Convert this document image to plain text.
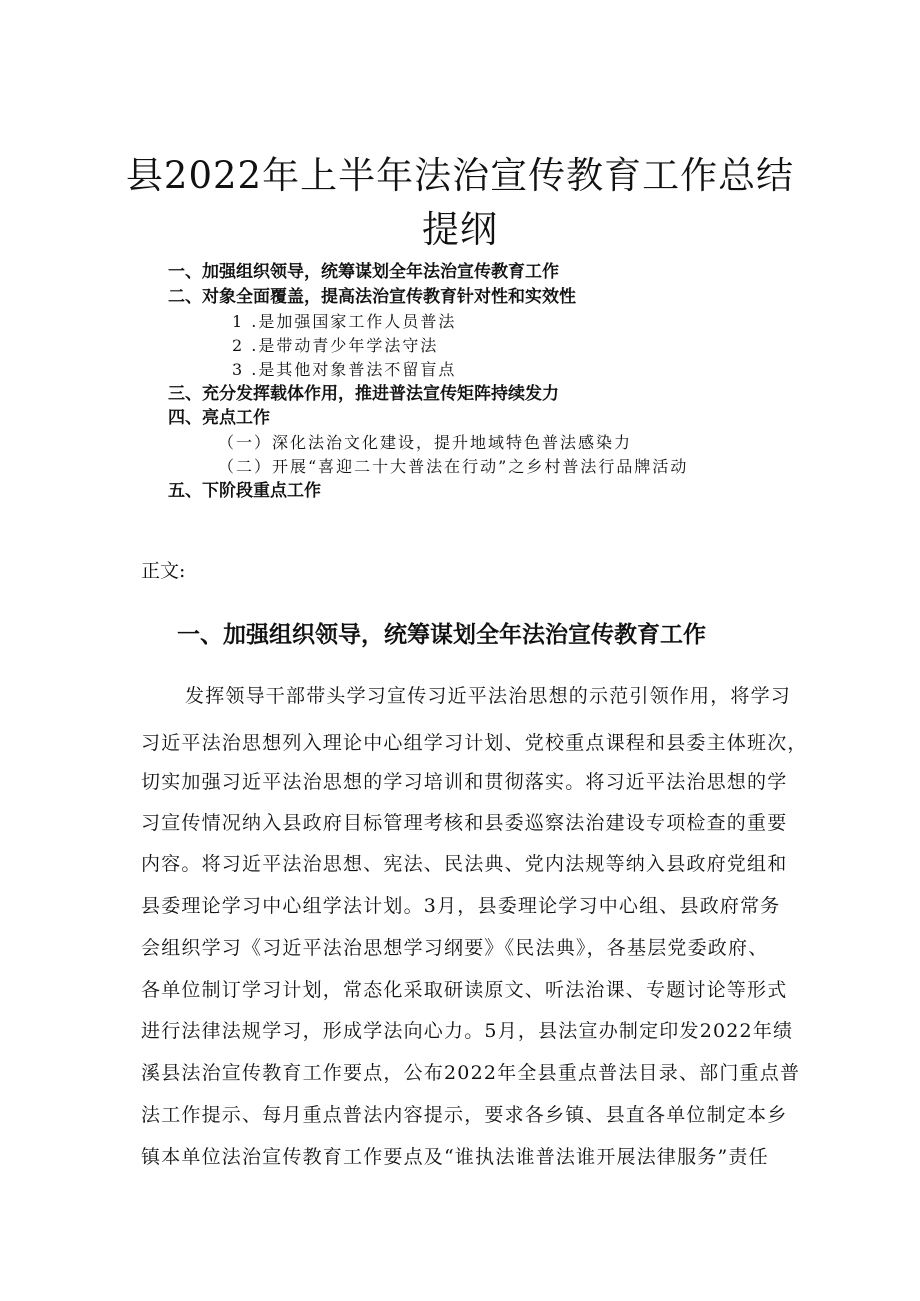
县2022年上半年法治宣传教育工作总结
提纲
一、加强组织领导，统筹谋划全年法治宣传教育工作
二、对象全面覆盖，提高法治宣传教育针对性和实效性
1 .是加强国家工作人员普法
2 .是带动青少年学法守法
3 .是其他对象普法不留盲点
三、充分发挥载体作用，推进普法宣传矩阵持续发力
四、亮点工作
（一）深化法治文化建设，提升地域特色普法感染力
（二）开展“喜迎二十大普法在行动”之乡村普法行品牌活动
五、下阶段重点工作
正文:
一、加强组织领导，统筹谋划全年法治宣传教育工作
发挥领导干部带头学习宣传习近平法治思想的示范引领作用，将学习
习近平法治思想列入理论中心组学习计划、党校重点课程和县委主体班次，
切实加强习近平法治思想的学习培训和贯彻落实。将习近平法治思想的学
习宣传情况纳入县政府目标管理考核和县委巡察法治建设专项检查的重要
内容。将习近平法治思想、宪法、民法典、党内法规等纳入县政府党组和
县委理论学习中心组学法计划。3月，县委理论学习中心组、县政府常务
会组织学习《习近平法治思想学习纲要》《民法典》，各基层党委政府、
各单位制订学习计划，常态化采取研读原文、听法治课、专题讨论等形式
进行法律法规学习，形成学法向心力。5月，县法宣办制定印发2022年绩
溪县法治宣传教育工作要点，公布2022年全县重点普法目录、部门重点普
法工作提示、每月重点普法内容提示，要求各乡镇、县直各单位制定本乡
镇本单位法治宣传教育工作要点及“谁执法谁普法谁开展法律服务”责任
